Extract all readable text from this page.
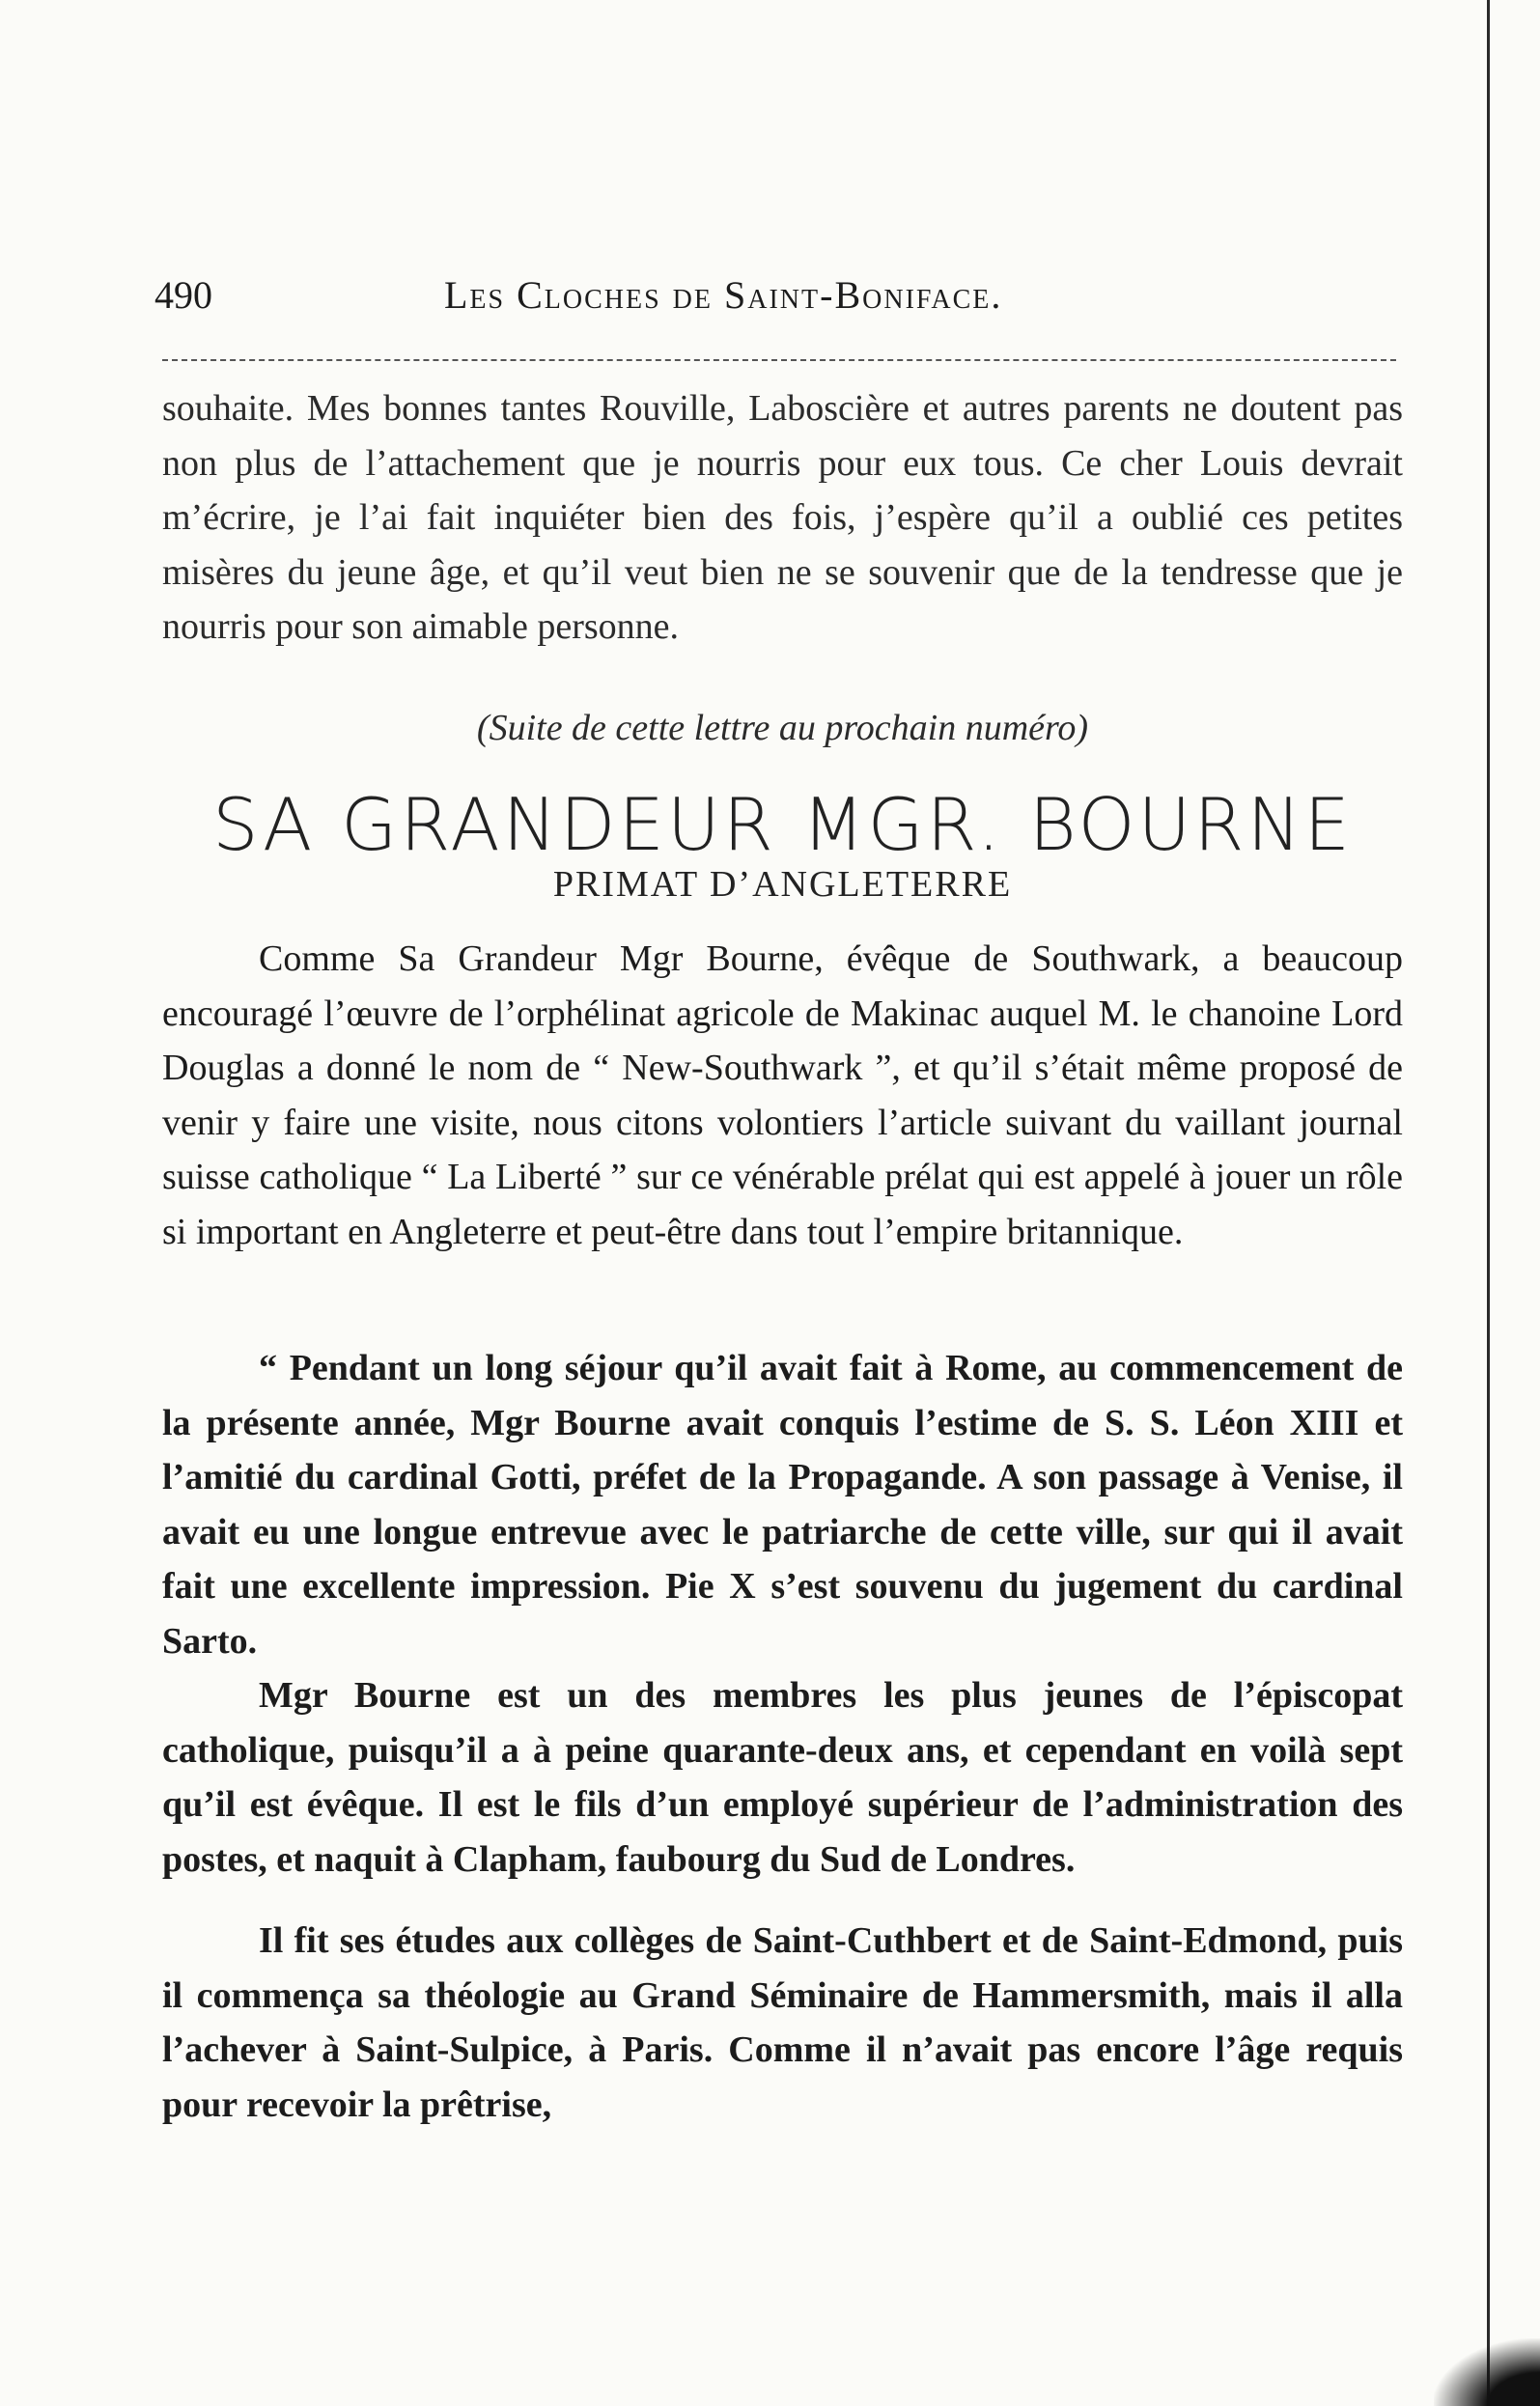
490	Les Cloches de Saint-Boniface.

souhaite. Mes bonnes tantes Rouville, Laboscière et autres parents ne doutent pas non plus de l’attachement que je nourris pour eux tous. Ce cher Louis devrait m’écrire, je l’ai fait inquiéter bien des fois, j’espère qu’il a oublié ces petites misères du jeune âge, et qu’il veut bien ne se souvenir que de la tendresse que je nourris pour son aimable personne.

(Suite de cette lettre au prochain numéro)
SA GRANDEUR MGR. BOURNE
PRIMAT D’ANGLETERRE

Comme Sa Grandeur Mgr Bourne, évêque de Southwark, a beaucoup encouragé l’œuvre de l’orphélinat agricole de Makinac auquel M. le chanoine Lord Douglas a donné le nom de “ New-Southwark ”, et qu’il s’était même proposé de venir y faire une visite, nous citons volontiers l’article suivant du vaillant journal suisse catholique “ La Liberté ” sur ce vénérable prélat qui est appelé à jouer un rôle si important en Angleterre et peut-être dans tout l’empire britannique.

“ Pendant un long séjour qu’il avait fait à Rome, au commencement de la présente année, Mgr Bourne avait conquis l’estime de S. S. Léon XIII et l’amitié du cardinal Gotti, préfet de la Propagande. A son passage à Venise, il avait eu une longue entrevue avec le patriarche de cette ville, sur qui il avait fait une excellente impression. Pie X s’est souvenu du jugement du cardinal Sarto.

Mgr Bourne est un des membres les plus jeunes de l’épiscopat catholique, puisqu’il a à peine quarante-deux ans, et cependant en voilà sept qu’il est évêque. Il est le fils d’un employé supérieur de l’administration des postes, et naquit à Clapham, faubourg du Sud de Londres.

Il fit ses études aux collèges de Saint-Cuthbert et de Saint-Edmond, puis il commença sa théologie au Grand Séminaire de Hammersmith, mais il alla l’achever à Saint-Sulpice, à Paris. Comme il n’avait pas encore l’âge requis pour recevoir la prêtrise,
